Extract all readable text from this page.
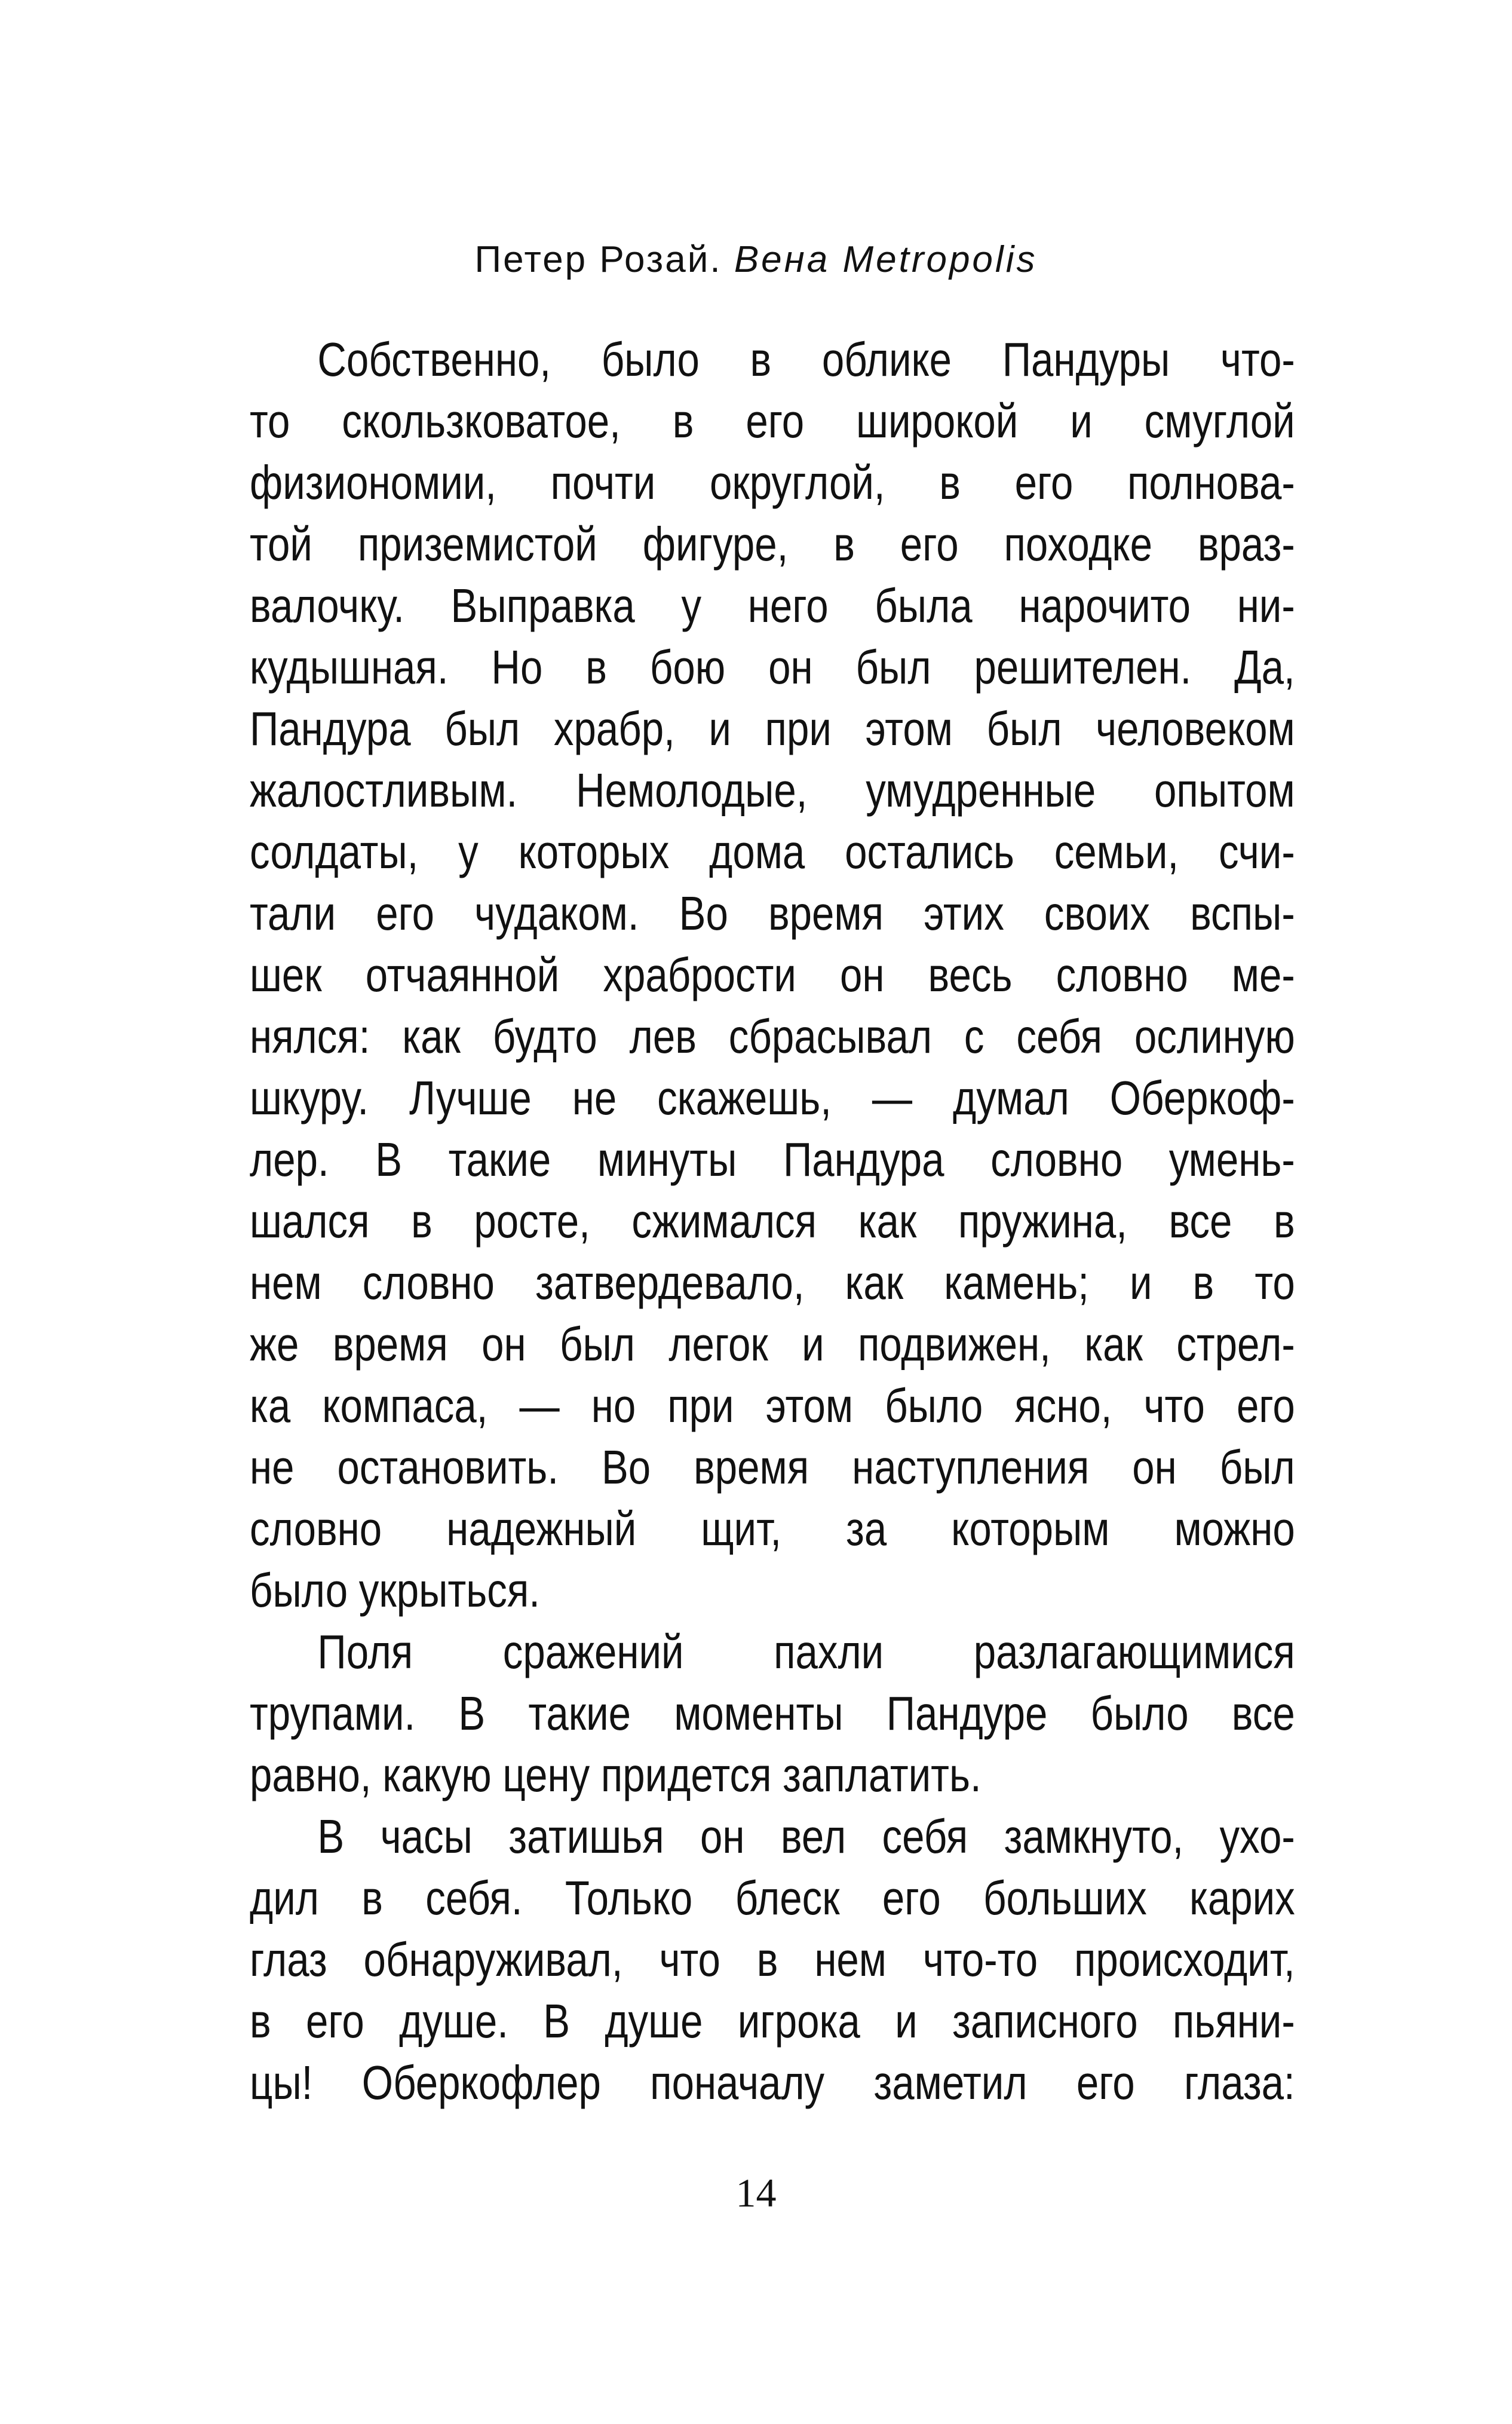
Петер Розай. Вена Metropolis
Собственно, было в облике Пандуры что-
то скользковатое, в его широкой и смуглой
физиономии, почти округлой, в его полнова-
той приземистой фигуре, в его походке враз-
валочку. Выправка у него была нарочито ни-
кудышная. Но в бою он был решителен. Да,
Пандура был храбр, и при этом был человеком
жалостливым. Немолодые, умудренные опытом
солдаты, у которых дома остались семьи, счи-
тали его чудаком. Во время этих своих вспы-
шек отчаянной храбрости он весь словно ме-
нялся: как будто лев сбрасывал с себя ослиную
шкуру. Лучше не скажешь, — думал Оберкоф-
лер. В такие минуты Пандура словно умень-
шался в росте, сжимался как пружина, все в
нем словно затвердевало, как камень; и в то
же время он был легок и подвижен, как стрел-
ка компаса, — но при этом было ясно, что его
не остановить. Во время наступления он был
словно надежный щит, за которым можно
было укрыться.
Поля сражений пахли разлагающимися
трупами. В такие моменты Пандуре было все
равно, какую цену придется заплатить.
В часы затишья он вел себя замкнуто, ухо-
дил в себя. Только блеск его больших карих
глаз обнаруживал, что в нем что-то происходит,
в его душе. В душе игрока и записного пьяни-
цы! Оберкофлер поначалу заметил его глаза:
14
